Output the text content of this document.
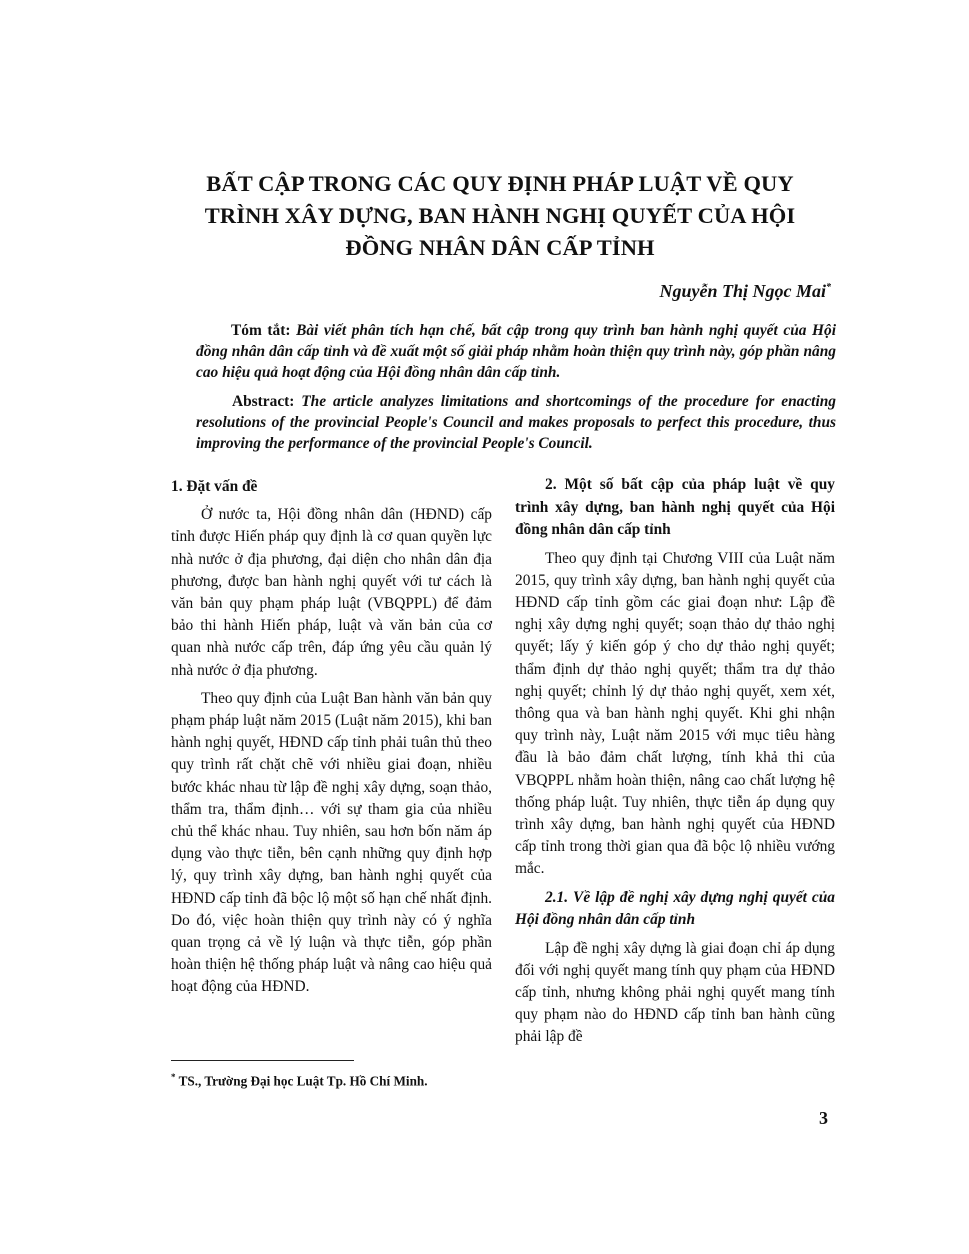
BẤT CẬP TRONG CÁC QUY ĐỊNH PHÁP LUẬT VỀ QUY
TRÌNH XÂY DỰNG, BAN HÀNH NGHỊ QUYẾT CỦA HỘI
ĐỒNG NHÂN DÂN CẤP TỈNH
Nguyễn Thị Ngọc Mai*
Tóm tắt: Bài viết phân tích hạn chế, bất cập trong quy trình ban hành nghị quyết của Hội đồng nhân dân cấp tỉnh và đề xuất một số giải pháp nhằm hoàn thiện quy trình này, góp phần nâng cao hiệu quả hoạt động của Hội đồng nhân dân cấp tỉnh.
Abstract: The article analyzes limitations and shortcomings of the procedure for enacting resolutions of the provincial People's Council and makes proposals to perfect this procedure, thus improving the performance of the provincial People's Council.
1. Đặt vấn đề

Ở nước ta, Hội đồng nhân dân (HĐND) cấp tỉnh được Hiến pháp quy định là cơ quan quyền lực nhà nước ở địa phương, đại diện cho nhân dân địa phương, được ban hành nghị quyết với tư cách là văn bản quy phạm pháp luật (VBQPPL) để đảm bảo thi hành Hiến pháp, luật và văn bản của cơ quan nhà nước cấp trên, đáp ứng yêu cầu quản lý nhà nước ở địa phương.

Theo quy định của Luật Ban hành văn bản quy phạm pháp luật năm 2015 (Luật năm 2015), khi ban hành nghị quyết, HĐND cấp tỉnh phải tuân thủ theo quy trình rất chặt chẽ với nhiều giai đoạn, nhiều bước khác nhau từ lập đề nghị xây dựng, soạn thảo, thẩm tra, thẩm định… với sự tham gia của nhiều chủ thể khác nhau. Tuy nhiên, sau hơn bốn năm áp dụng vào thực tiễn, bên cạnh những quy định hợp lý, quy trình xây dựng, ban hành nghị quyết của HĐND cấp tỉnh đã bộc lộ một số hạn chế nhất định. Do đó, việc hoàn thiện quy trình này có ý nghĩa quan trọng cả về lý luận và thực tiễn, góp phần hoàn thiện hệ thống pháp luật và nâng cao hiệu quả hoạt động của HĐND.

2. Một số bất cập của pháp luật về quy trình xây dựng, ban hành nghị quyết của Hội đồng nhân dân cấp tỉnh

Theo quy định tại Chương VIII của Luật năm 2015, quy trình xây dựng, ban hành nghị quyết của HĐND cấp tỉnh gồm các giai đoạn như: Lập đề nghị xây dựng nghị quyết; soạn thảo dự thảo nghị quyết; lấy ý kiến góp ý cho dự thảo nghị quyết; thẩm định dự thảo nghị quyết; thẩm tra dự thảo nghị quyết; chỉnh lý dự thảo nghị quyết, xem xét, thông qua và ban hành nghị quyết. Khi ghi nhận quy trình này, Luật năm 2015 với mục tiêu hàng đầu là bảo đảm chất lượng, tính khả thi của VBQPPL nhằm hoàn thiện, nâng cao chất lượng hệ thống pháp luật. Tuy nhiên, thực tiễn áp dụng quy trình xây dựng, ban hành nghị quyết của HĐND cấp tỉnh trong thời gian qua đã bộc lộ nhiều vướng mắc.

2.1. Về lập đề nghị xây dựng nghị quyết của Hội đồng nhân dân cấp tỉnh

Lập đề nghị xây dựng là giai đoạn chỉ áp dụng đối với nghị quyết mang tính quy phạm của HĐND cấp tỉnh, nhưng không phải nghị quyết mang tính quy phạm nào do HĐND cấp tỉnh ban hành cũng phải lập đề

* TS., Trường Đại học Luật Tp. Hồ Chí Minh.
3
